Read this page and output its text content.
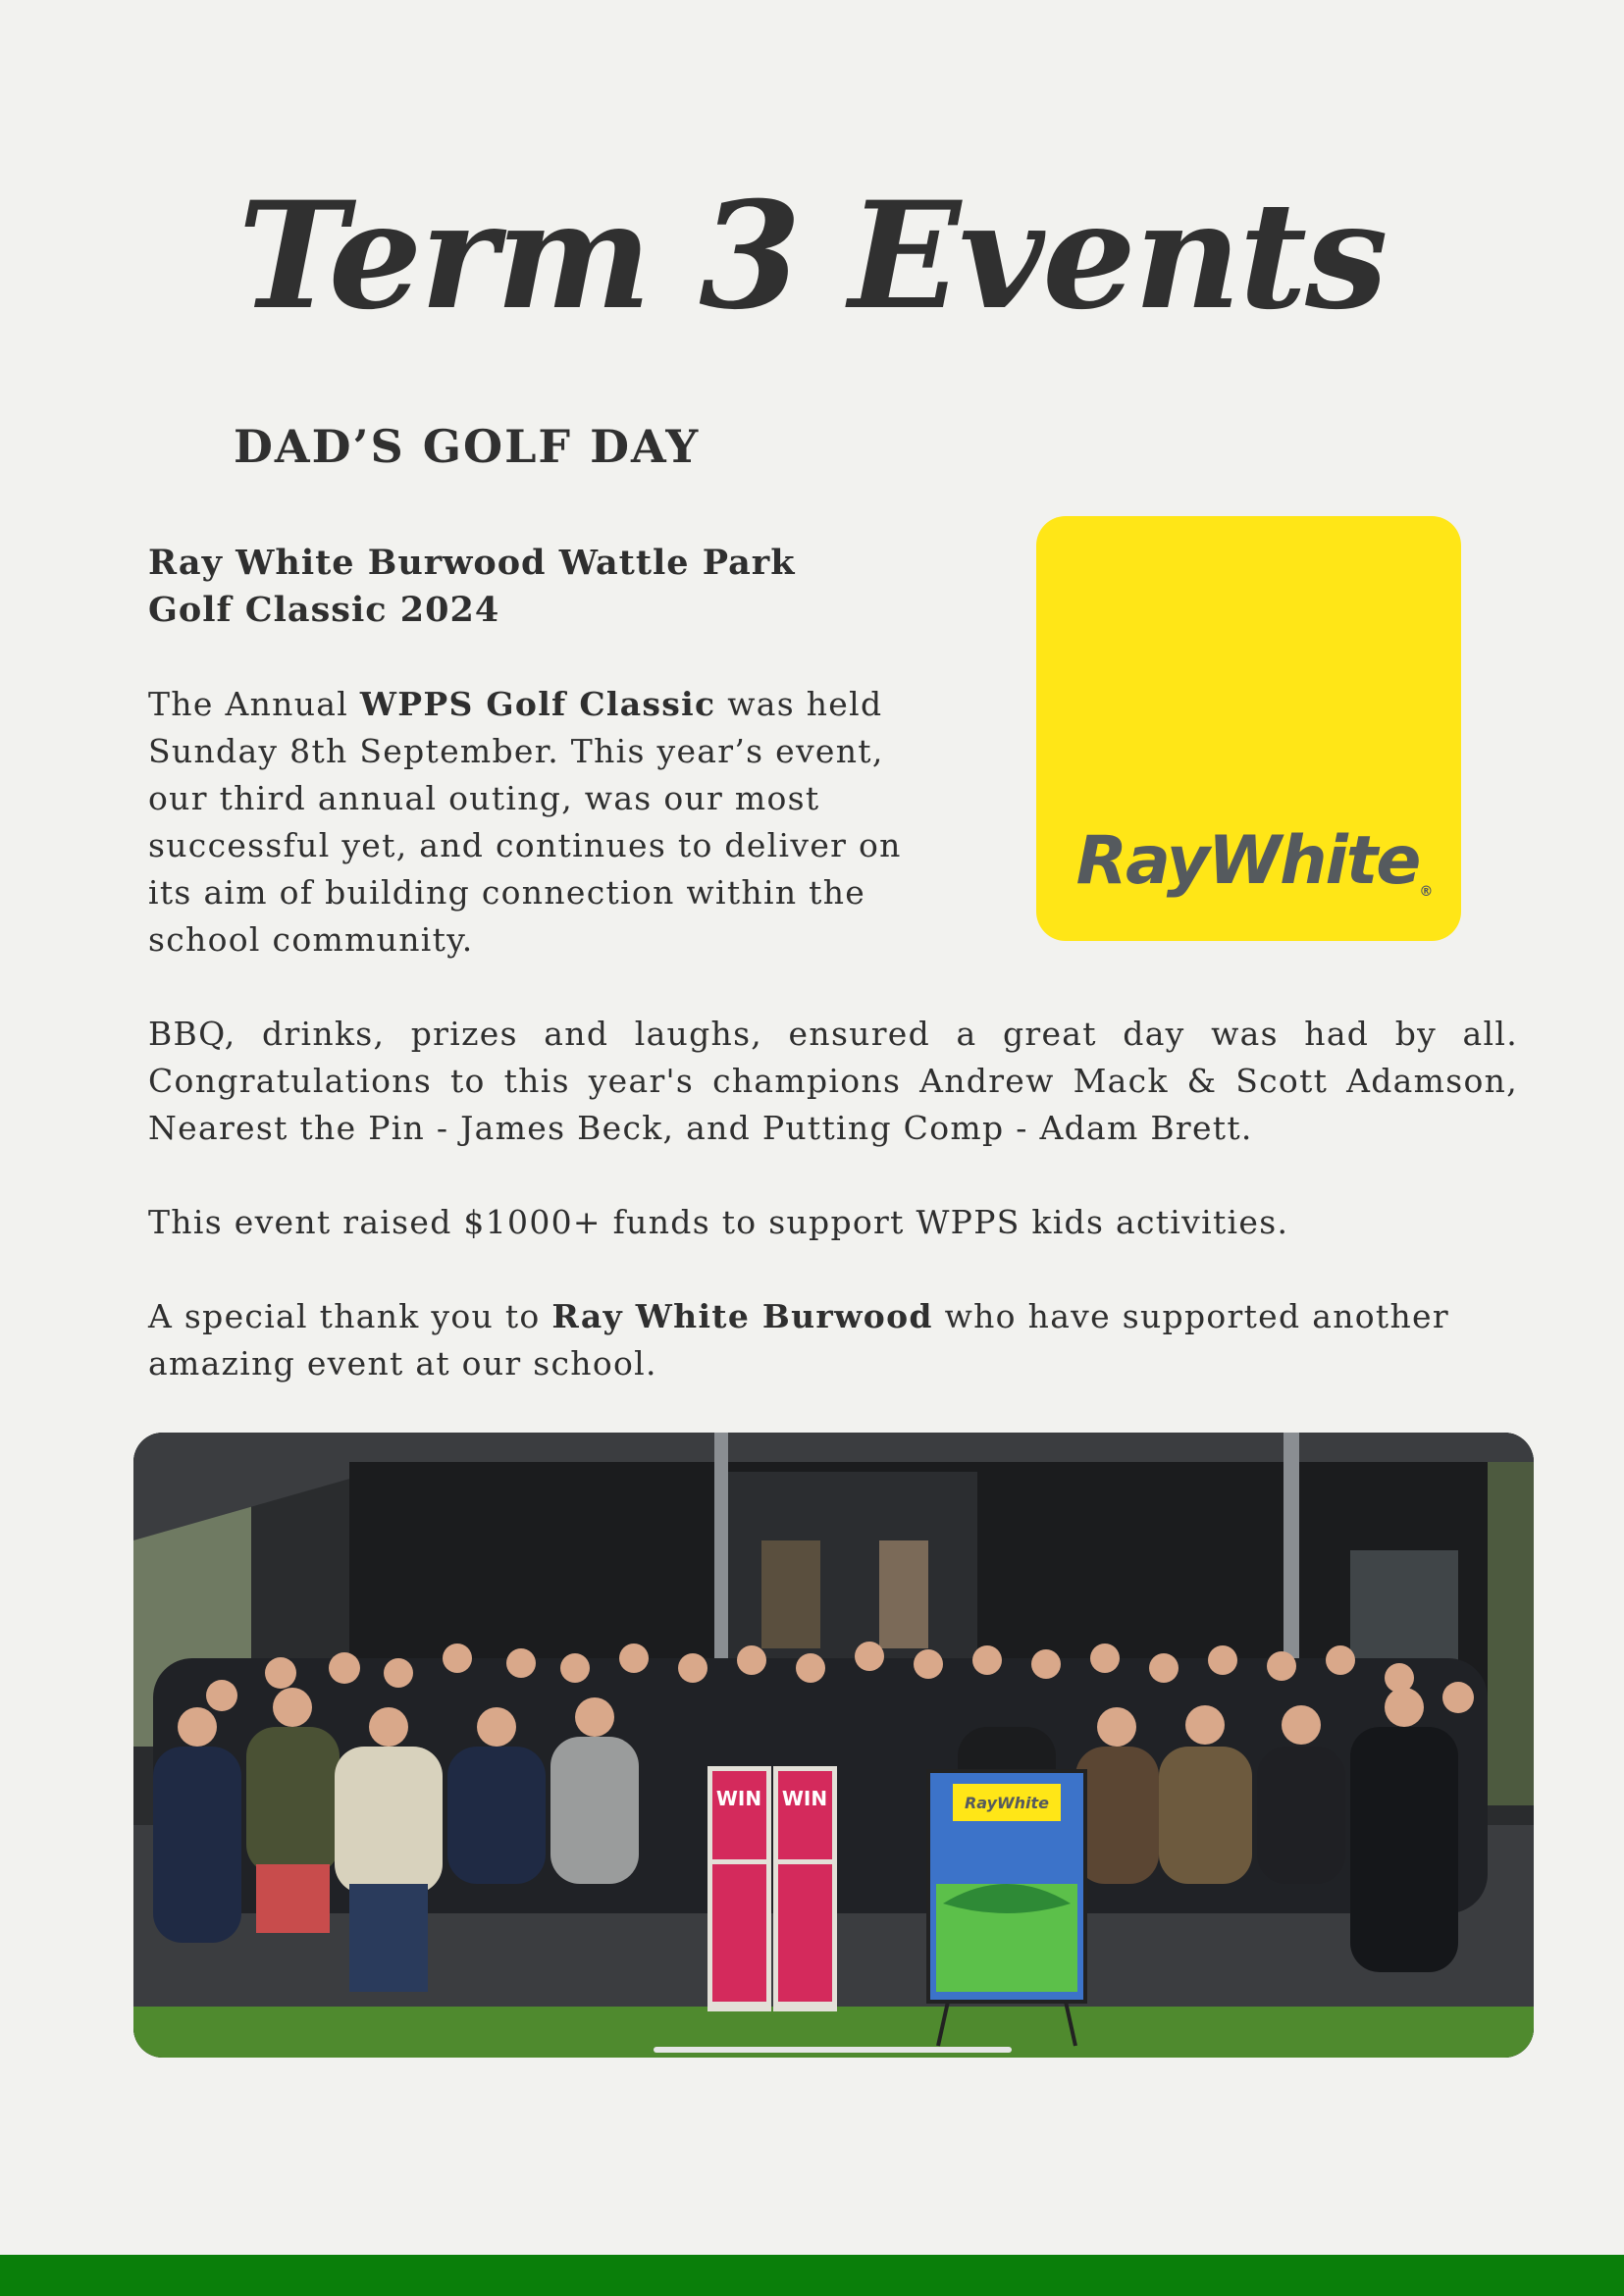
Term 3 Events
DAD’S GOLF DAY
Ray White Burwood Wattle Park
Golf Classic 2024

The Annual WPPS Golf Classic was held Sunday 8th September. This year’s event, our third annual outing, was our most successful yet, and continues to deliver on its aim of building connection within the school community.

RayWhite®

BBQ, drinks, prizes and laughs, ensured a great day was had by all. Congratulations to this year's champions Andrew Mack & Scott Adamson, Nearest the Pin - James Beck, and Putting Comp - Adam Brett.

This event raised $1000+ funds to support WPPS kids activities.

A special thank you to Ray White Burwood who have supported another amazing event at our school.

WIN WIN	RayWhite
